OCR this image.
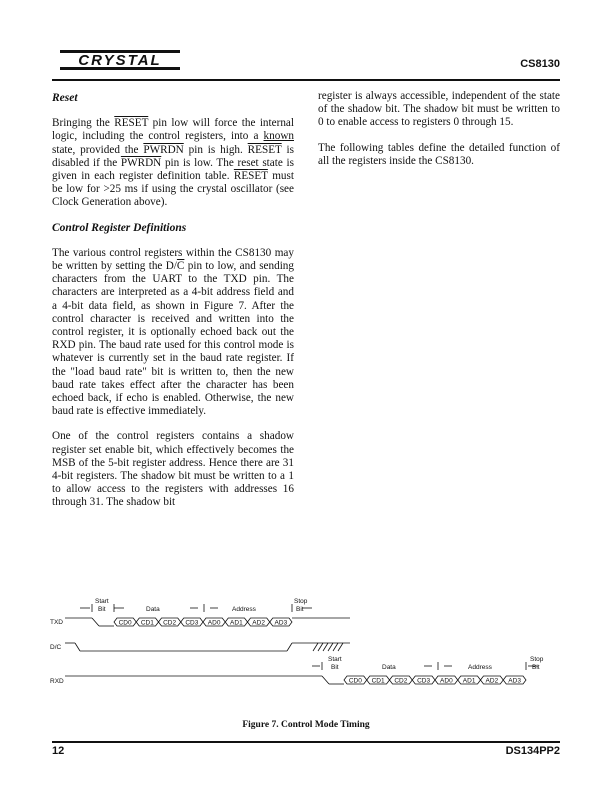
CRYSTAL	CS8130
Reset

Bringing the RESET pin low will force the internal logic, including the control registers, into a known state, provided the PWRDN pin is high. RESET is disabled if the PWRDN pin is low. The reset state is given in each register definition table. RESET must be low for >25 ms if using the crystal oscillator (see Clock Generation above).

Control Register Definitions

The various control registers within the CS8130 may be written by setting the $D/\overline{C}$ pin to low, and sending characters from the UART to the TXD pin. The characters are interpreted as a 4-bit address field and a 4-bit data field, as shown in Figure 7. After the control character is received and written into the control register, it is optionally echoed back out the RXD pin. The baud rate used for this control mode is whatever is currently set in the baud rate register. If the "load baud rate" bit is written to, then the new baud rate takes effect after the character has been echoed back, if echo is enabled. Otherwise, the new baud rate is effective immediately.

One of the control registers contains a shadow register set enable bit, which effectively becomes the MSB of the 5-bit register address. Hence there are 31 4-bit registers. The shadow bit must be written to a 1 to allow access to the registers with addresses 16 through 31. The shadow bit

register is always accessible, independent of the state of the shadow bit. The shadow bit must be written to 0 to enable access to registers 0 through 15.

The following tables define the detailed function of all the registers inside the CS8130.

TXD
D/C
RXD
Start
Bit	Data	Address
Stop
Bit
Start
Bit	Data	Address
Stop
Bit
CD0 CD1 CD2 CD3 AD0 AD1 AD2 AD3
CD0 CD1 CD2 CD3 AD0 AD1 AD2 AD3
Figure 7. Control Mode Timing
12	DS134PP2
